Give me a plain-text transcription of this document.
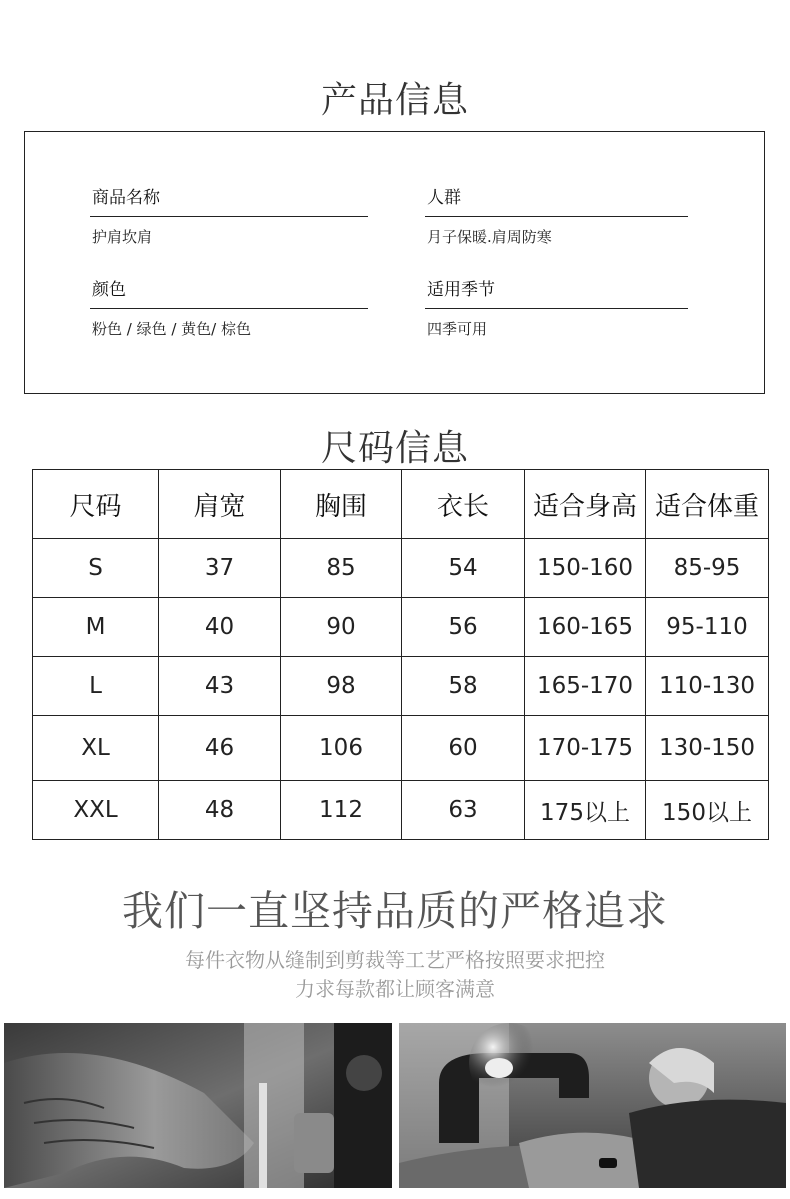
产品信息
商品名称
护肩坎肩
人群
月子保暖.肩周防寒
颜色
粉色 / 绿色 / 黄色/ 棕色
适用季节
四季可用
尺码信息
尺码	肩宽	胸围	衣长	适合身高	适合体重
S	37	85	54	150-160	85-95
M	40	90	56	160-165	95-110
L	43	98	58	165-170	110-130
XL	46	106	60	170-175	130-150
XXL	48	112	63	175以上	150以上
我们一直坚持品质的严格追求
每件衣物从缝制到剪裁等工艺严格按照要求把控
力求每款都让顾客满意
